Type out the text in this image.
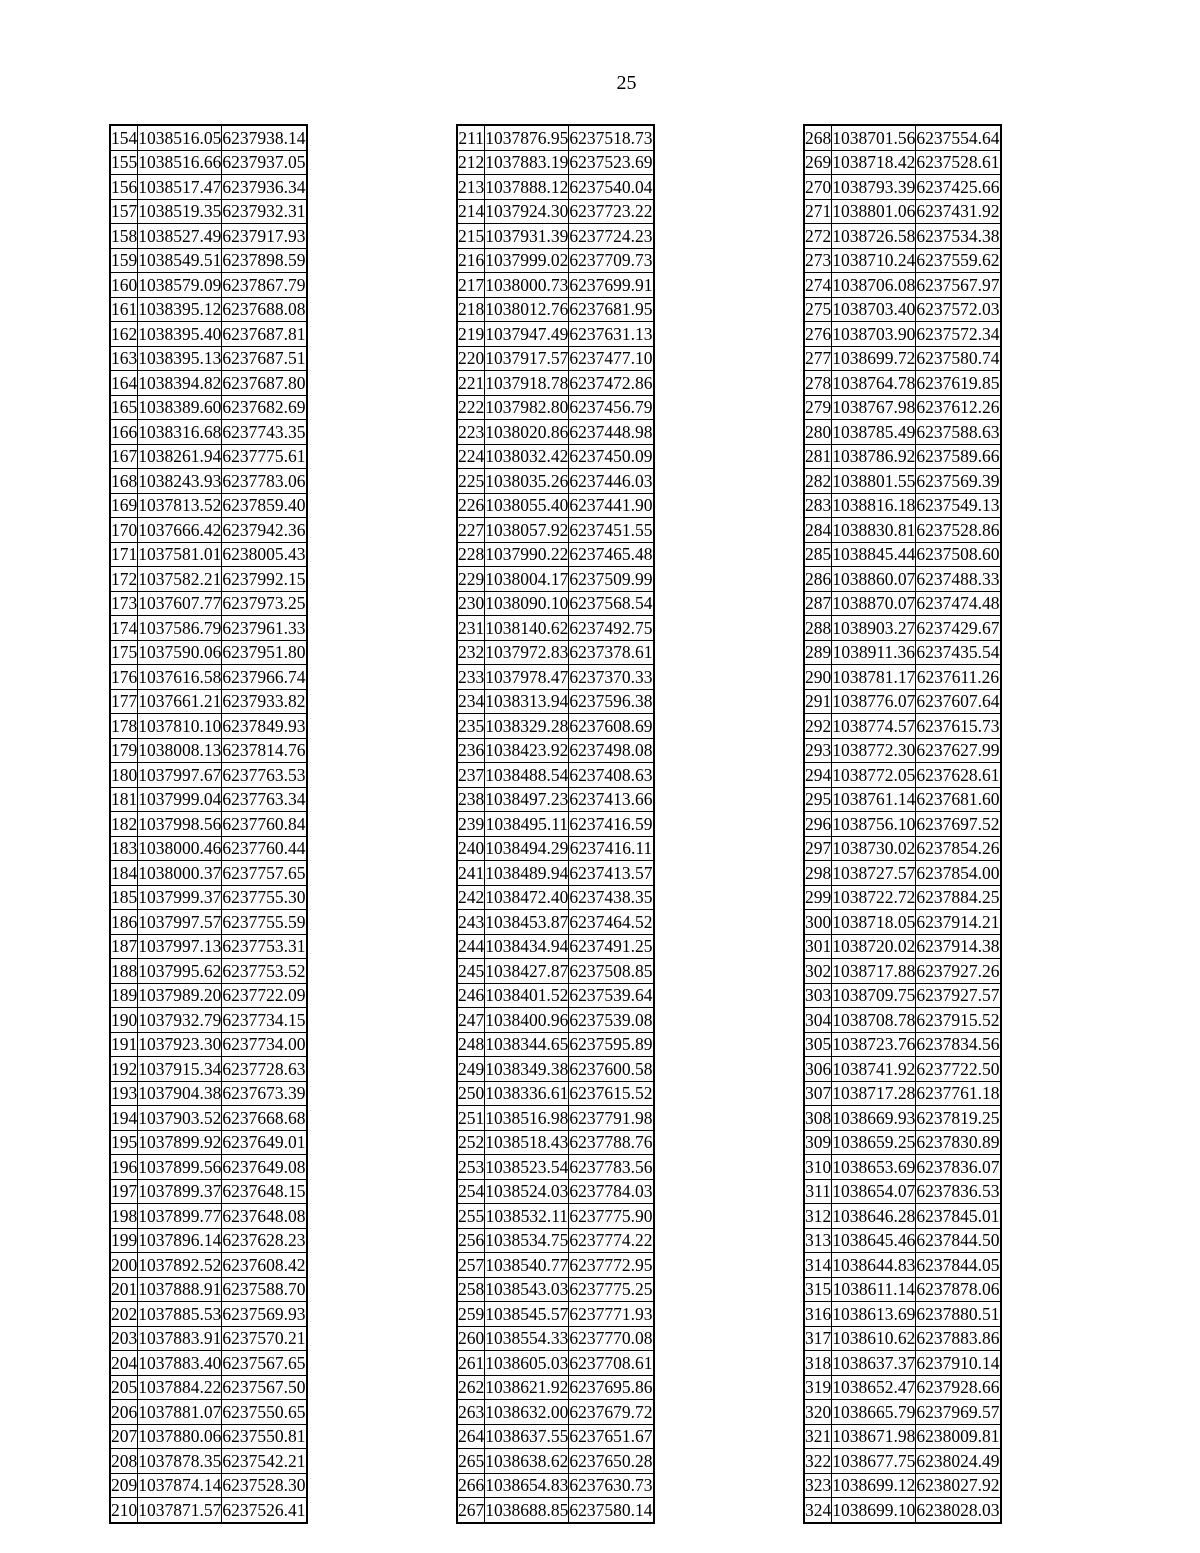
25
154	1038516.05	6237938.14
155	1038516.66	6237937.05
156	1038517.47	6237936.34
157	1038519.35	6237932.31
158	1038527.49	6237917.93
159	1038549.51	6237898.59
160	1038579.09	6237867.79
161	1038395.12	6237688.08
162	1038395.40	6237687.81
163	1038395.13	6237687.51
164	1038394.82	6237687.80
165	1038389.60	6237682.69
166	1038316.68	6237743.35
167	1038261.94	6237775.61
168	1038243.93	6237783.06
169	1037813.52	6237859.40
170	1037666.42	6237942.36
171	1037581.01	6238005.43
172	1037582.21	6237992.15
173	1037607.77	6237973.25
174	1037586.79	6237961.33
175	1037590.06	6237951.80
176	1037616.58	6237966.74
177	1037661.21	6237933.82
178	1037810.10	6237849.93
179	1038008.13	6237814.76
180	1037997.67	6237763.53
181	1037999.04	6237763.34
182	1037998.56	6237760.84
183	1038000.46	6237760.44
184	1038000.37	6237757.65
185	1037999.37	6237755.30
186	1037997.57	6237755.59
187	1037997.13	6237753.31
188	1037995.62	6237753.52
189	1037989.20	6237722.09
190	1037932.79	6237734.15
191	1037923.30	6237734.00
192	1037915.34	6237728.63
193	1037904.38	6237673.39
194	1037903.52	6237668.68
195	1037899.92	6237649.01
196	1037899.56	6237649.08
197	1037899.37	6237648.15
198	1037899.77	6237648.08
199	1037896.14	6237628.23
200	1037892.52	6237608.42
201	1037888.91	6237588.70
202	1037885.53	6237569.93
203	1037883.91	6237570.21
204	1037883.40	6237567.65
205	1037884.22	6237567.50
206	1037881.07	6237550.65
207	1037880.06	6237550.81
208	1037878.35	6237542.21
209	1037874.14	6237528.30
210	1037871.57	6237526.41
211	1037876.95	6237518.73
212	1037883.19	6237523.69
213	1037888.12	6237540.04
214	1037924.30	6237723.22
215	1037931.39	6237724.23
216	1037999.02	6237709.73
217	1038000.73	6237699.91
218	1038012.76	6237681.95
219	1037947.49	6237631.13
220	1037917.57	6237477.10
221	1037918.78	6237472.86
222	1037982.80	6237456.79
223	1038020.86	6237448.98
224	1038032.42	6237450.09
225	1038035.26	6237446.03
226	1038055.40	6237441.90
227	1038057.92	6237451.55
228	1037990.22	6237465.48
229	1038004.17	6237509.99
230	1038090.10	6237568.54
231	1038140.62	6237492.75
232	1037972.83	6237378.61
233	1037978.47	6237370.33
234	1038313.94	6237596.38
235	1038329.28	6237608.69
236	1038423.92	6237498.08
237	1038488.54	6237408.63
238	1038497.23	6237413.66
239	1038495.11	6237416.59
240	1038494.29	6237416.11
241	1038489.94	6237413.57
242	1038472.40	6237438.35
243	1038453.87	6237464.52
244	1038434.94	6237491.25
245	1038427.87	6237508.85
246	1038401.52	6237539.64
247	1038400.96	6237539.08
248	1038344.65	6237595.89
249	1038349.38	6237600.58
250	1038336.61	6237615.52
251	1038516.98	6237791.98
252	1038518.43	6237788.76
253	1038523.54	6237783.56
254	1038524.03	6237784.03
255	1038532.11	6237775.90
256	1038534.75	6237774.22
257	1038540.77	6237772.95
258	1038543.03	6237775.25
259	1038545.57	6237771.93
260	1038554.33	6237770.08
261	1038605.03	6237708.61
262	1038621.92	6237695.86
263	1038632.00	6237679.72
264	1038637.55	6237651.67
265	1038638.62	6237650.28
266	1038654.83	6237630.73
267	1038688.85	6237580.14
268	1038701.56	6237554.64
269	1038718.42	6237528.61
270	1038793.39	6237425.66
271	1038801.06	6237431.92
272	1038726.58	6237534.38
273	1038710.24	6237559.62
274	1038706.08	6237567.97
275	1038703.40	6237572.03
276	1038703.90	6237572.34
277	1038699.72	6237580.74
278	1038764.78	6237619.85
279	1038767.98	6237612.26
280	1038785.49	6237588.63
281	1038786.92	6237589.66
282	1038801.55	6237569.39
283	1038816.18	6237549.13
284	1038830.81	6237528.86
285	1038845.44	6237508.60
286	1038860.07	6237488.33
287	1038870.07	6237474.48
288	1038903.27	6237429.67
289	1038911.36	6237435.54
290	1038781.17	6237611.26
291	1038776.07	6237607.64
292	1038774.57	6237615.73
293	1038772.30	6237627.99
294	1038772.05	6237628.61
295	1038761.14	6237681.60
296	1038756.10	6237697.52
297	1038730.02	6237854.26
298	1038727.57	6237854.00
299	1038722.72	6237884.25
300	1038718.05	6237914.21
301	1038720.02	6237914.38
302	1038717.88	6237927.26
303	1038709.75	6237927.57
304	1038708.78	6237915.52
305	1038723.76	6237834.56
306	1038741.92	6237722.50
307	1038717.28	6237761.18
308	1038669.93	6237819.25
309	1038659.25	6237830.89
310	1038653.69	6237836.07
311	1038654.07	6237836.53
312	1038646.28	6237845.01
313	1038645.46	6237844.50
314	1038644.83	6237844.05
315	1038611.14	6237878.06
316	1038613.69	6237880.51
317	1038610.62	6237883.86
318	1038637.37	6237910.14
319	1038652.47	6237928.66
320	1038665.79	6237969.57
321	1038671.98	6238009.81
322	1038677.75	6238024.49
323	1038699.12	6238027.92
324	1038699.10	6238028.03
